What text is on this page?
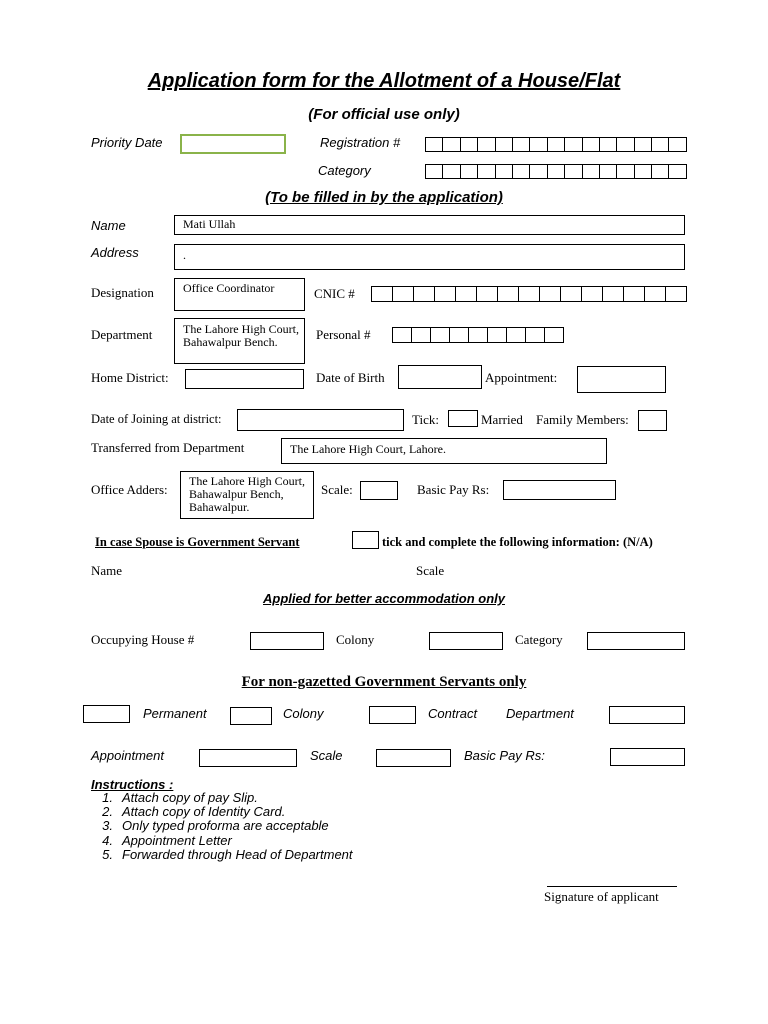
Application form for the Allotment of a House/Flat
(For official use only)
Priority Date	Registration #
Category
(To be filled in by the application)
Name	Mati Ullah
Address	.
Designation	Office Coordinator	CNIC #
Department	The Lahore High Court, Bahawalpur Bench.	Personal #
Home District:	Date of Birth	Appointment:
Date of Joining at district:	Tick:	Married Family Members:
Transferred from Department	The Lahore High Court, Lahore.
Office Adders:
The Lahore High Court, Bahawalpur Bench, Bahawalpur.
Scale:	Basic Pay Rs:
In case Spouse is Government Servant	tick and complete the following information: (N/A)
Name	Scale
Applied for better accommodation only
Occupying House #	Colony	Category
For non-gazetted Government Servants only
Permanent	Colony	Contract Department
Appointment	Scale	Basic Pay Rs:
Instructions :
1. Attach copy of pay Slip.
2. Attach copy of Identity Card.
3. Only typed proforma are acceptable
4. Appointment Letter
5. Forwarded through Head of Department
Signature of applicant
